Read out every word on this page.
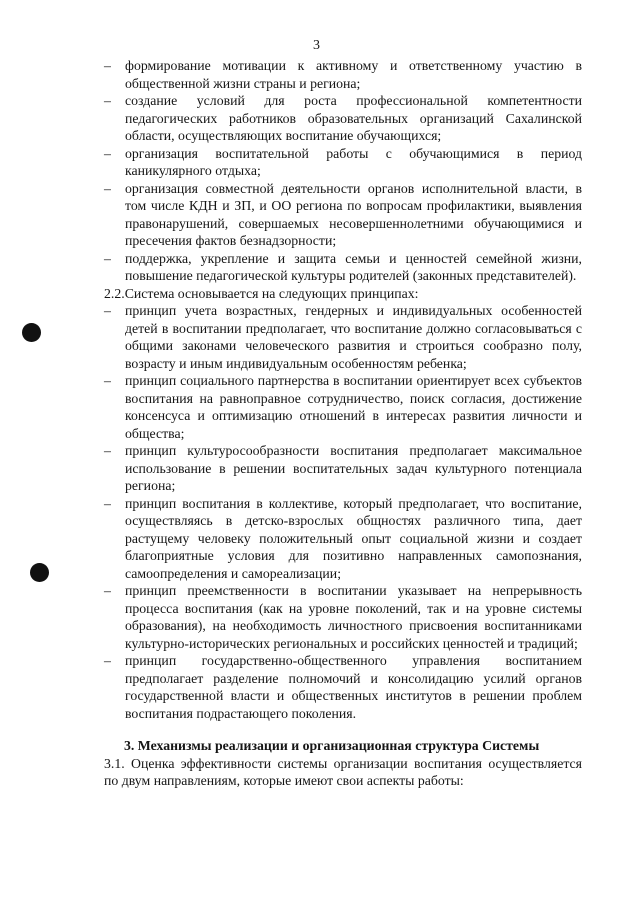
3
– формирование мотивации к активному и ответственному участию в общественной жизни страны и региона;
– создание условий для роста профессиональной компетентности педагогических работников образовательных организаций Сахалинской области, осуществляющих воспитание обучающихся;
– организация воспитательной работы с обучающимися в период каникулярного отдыха;
– организация совместной деятельности органов исполнительной власти, в том числе КДН и ЗП, и ОО региона по вопросам профилактики, выявления правонарушений, совершаемых несовершеннолетними обучающимися и пресечения фактов безнадзорности;
– поддержка, укрепление и защита семьи и ценностей семейной жизни, повышение педагогической культуры родителей (законных представителей).
2.2.Система основывается на следующих принципах:
– принцип учета возрастных, гендерных и индивидуальных особенностей детей в воспитании предполагает, что воспитание должно согласовываться с общими законами человеческого развития и строиться сообразно полу, возрасту и иным индивидуальным особенностям ребенка;
– принцип социального партнерства в воспитании ориентирует всех субъектов воспитания на равноправное сотрудничество, поиск согласия, достижение консенсуса и оптимизацию отношений в интересах развития личности и общества;
– принцип культуросообразности воспитания предполагает максимальное использование в решении воспитательных задач культурного потенциала региона;
– принцип воспитания в коллективе, который предполагает, что воспитание, осуществляясь в детско-взрослых общностях различного типа, дает растущему человеку положительный опыт социальной жизни и создает благоприятные условия для позитивно направленных самопознания, самоопределения и самореализации;
– принцип преемственности в воспитании указывает на непрерывность процесса воспитания (как на уровне поколений, так и на уровне системы образования), на необходимость личностного присвоения воспитанниками культурно-исторических региональных и российских ценностей и традиций;
– принцип государственно-общественного управления воспитанием предполагает разделение полномочий и консолидацию усилий органов государственной власти и общественных институтов в решении проблем воспитания подрастающего поколения.
3. Механизмы реализации и организационная структура Системы
3.1. Оценка эффективности системы организации воспитания осуществляется по двум направлениям, которые имеют свои аспекты работы:
